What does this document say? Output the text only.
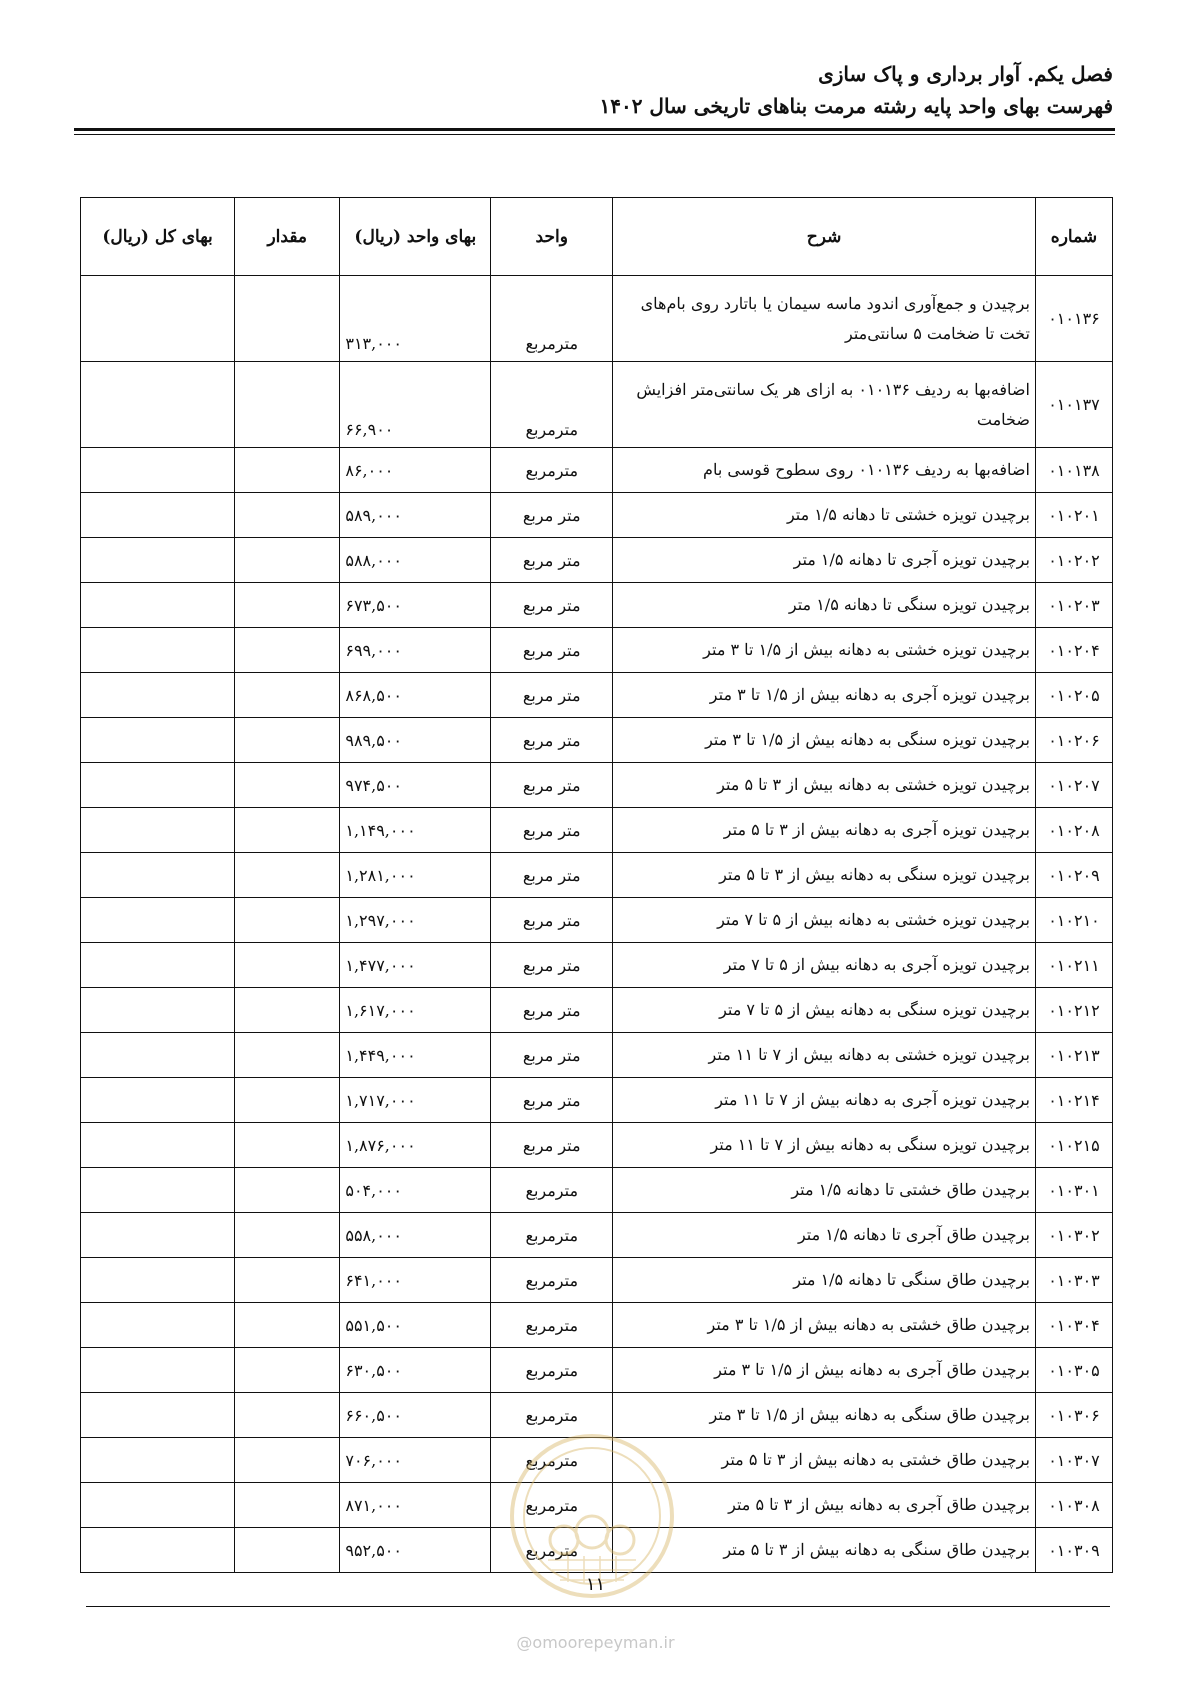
فصل یکم. آوار برداری و پاک سازی
فهرست بهای واحد پایه رشته مرمت بناهای تاریخی سال ۱۴۰۲
شماره	شرح	واحد	بهای واحد (ریال)	مقدار	بهای کل (ریال)
۰۱۰۱۳۶	برچیدن و جمع‌آوری اندود ماسه سیمان یا باتارد روی بام‌های تخت تا ضخامت ۵ سانتی‌متر	مترمربع	۳۱۳,۰۰۰		
۰۱۰۱۳۷	اضافه‌بها به ردیف ۰۱۰۱۳۶ به ازای هر یک سانتی‌متر افزایش ضخامت	مترمربع	۶۶,۹۰۰		
۰۱۰۱۳۸	اضافه‌بها به ردیف ۰۱۰۱۳۶ روی سطوح قوسی بام	مترمربع	۸۶,۰۰۰		
۰۱۰۲۰۱	برچیدن تویزه خشتی تا دهانه ۱/۵ متر	متر مربع	۵۸۹,۰۰۰		
۰۱۰۲۰۲	برچیدن تویزه آجری تا دهانه ۱/۵ متر	متر مربع	۵۸۸,۰۰۰		
۰۱۰۲۰۳	برچیدن تویزه سنگی تا دهانه ۱/۵ متر	متر مربع	۶۷۳,۵۰۰		
۰۱۰۲۰۴	برچیدن تویزه خشتی به دهانه بیش از ۱/۵ تا ۳ متر	متر مربع	۶۹۹,۰۰۰		
۰۱۰۲۰۵	برچیدن تویزه آجری به دهانه بیش از ۱/۵ تا ۳ متر	متر مربع	۸۶۸,۵۰۰		
۰۱۰۲۰۶	برچیدن تویزه سنگی به دهانه بیش از ۱/۵ تا ۳ متر	متر مربع	۹۸۹,۵۰۰		
۰۱۰۲۰۷	برچیدن تویزه خشتی به دهانه بیش از ۳ تا ۵ متر	متر مربع	۹۷۴,۵۰۰		
۰۱۰۲۰۸	برچیدن تویزه آجری به دهانه بیش از ۳ تا ۵ متر	متر مربع	۱,۱۴۹,۰۰۰		
۰۱۰۲۰۹	برچیدن تویزه سنگی به دهانه بیش از ۳ تا ۵ متر	متر مربع	۱,۲۸۱,۰۰۰		
۰۱۰۲۱۰	برچیدن تویزه خشتی به دهانه بیش از ۵ تا ۷ متر	متر مربع	۱,۲۹۷,۰۰۰		
۰۱۰۲۱۱	برچیدن تویزه آجری به دهانه بیش از ۵ تا ۷ متر	متر مربع	۱,۴۷۷,۰۰۰		
۰۱۰۲۱۲	برچیدن تویزه سنگی به دهانه بیش از ۵ تا ۷ متر	متر مربع	۱,۶۱۷,۰۰۰		
۰۱۰۲۱۳	برچیدن تویزه خشتی به دهانه بیش از ۷ تا ۱۱ متر	متر مربع	۱,۴۴۹,۰۰۰		
۰۱۰۲۱۴	برچیدن تویزه آجری به دهانه بیش از ۷ تا ۱۱ متر	متر مربع	۱,۷۱۷,۰۰۰		
۰۱۰۲۱۵	برچیدن تویزه سنگی به دهانه بیش از ۷ تا ۱۱ متر	متر مربع	۱,۸۷۶,۰۰۰		
۰۱۰۳۰۱	برچیدن طاق خشتی تا دهانه ۱/۵ متر	مترمربع	۵۰۴,۰۰۰		
۰۱۰۳۰۲	برچیدن طاق آجری تا دهانه ۱/۵ متر	مترمربع	۵۵۸,۰۰۰		
۰۱۰۳۰۳	برچیدن طاق سنگی تا دهانه ۱/۵ متر	مترمربع	۶۴۱,۰۰۰		
۰۱۰۳۰۴	برچیدن طاق خشتی به دهانه بیش از ۱/۵ تا ۳ متر	مترمربع	۵۵۱,۵۰۰		
۰۱۰۳۰۵	برچیدن طاق آجری به دهانه بیش از ۱/۵ تا ۳ متر	مترمربع	۶۳۰,۵۰۰		
۰۱۰۳۰۶	برچیدن طاق سنگی به دهانه بیش از ۱/۵ تا ۳ متر	مترمربع	۶۶۰,۵۰۰		
۰۱۰۳۰۷	برچیدن طاق خشتی به دهانه بیش از ۳ تا ۵ متر	مترمربع	۷۰۶,۰۰۰		
۰۱۰۳۰۸	برچیدن طاق آجری به دهانه بیش از ۳ تا ۵ متر	مترمربع	۸۷۱,۰۰۰		
۰۱۰۳۰۹	برچیدن طاق سنگی به دهانه بیش از ۳ تا ۵ متر	مترمربع	۹۵۲,۵۰۰		
۱۱
@omoorepeyman.ir
